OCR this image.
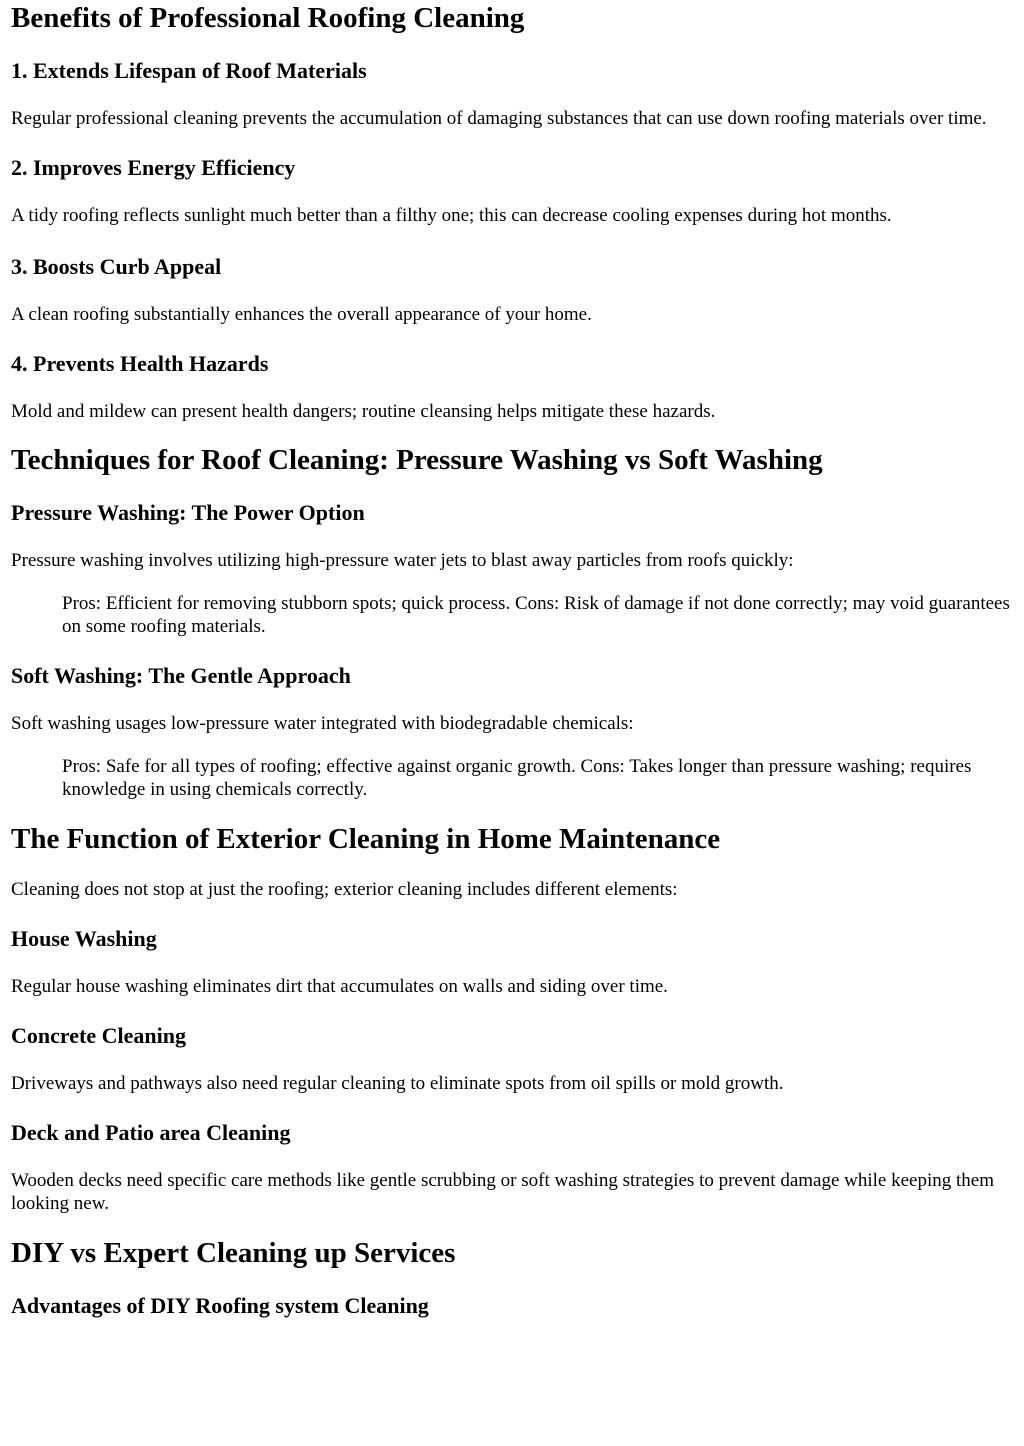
Benefits of Professional Roofing Cleaning
1. Extends Lifespan of Roof Materials

Regular professional cleaning prevents the accumulation of damaging substances that can use down roofing materials over time.

2. Improves Energy Efficiency

A tidy roofing reflects sunlight much better than a filthy one; this can decrease cooling expenses during hot months.

3. Boosts Curb Appeal

A clean roofing substantially enhances the overall appearance of your home.

4. Prevents Health Hazards

Mold and mildew can present health dangers; routine cleansing helps mitigate these hazards.

Techniques for Roof Cleaning: Pressure Washing vs Soft Washing
Pressure Washing: The Power Option

Pressure washing involves utilizing high-pressure water jets to blast away particles from roofs quickly:

Pros: Efficient for removing stubborn spots; quick process. Cons: Risk of damage if not done correctly; may void guarantees on some roofing materials.

Soft Washing: The Gentle Approach

Soft washing usages low-pressure water integrated with biodegradable chemicals:

Pros: Safe for all types of roofing; effective against organic growth. Cons: Takes longer than pressure washing; requires knowledge in using chemicals correctly.

The Function of Exterior Cleaning in Home Maintenance

Cleaning does not stop at just the roofing; exterior cleaning includes different elements:

House Washing

Regular house washing eliminates dirt that accumulates on walls and siding over time.

Concrete Cleaning

Driveways and pathways also need regular cleaning to eliminate spots from oil spills or mold growth.

Deck and Patio area Cleaning

Wooden decks need specific care methods like gentle scrubbing or soft washing strategies to prevent damage while keeping them looking new.

DIY vs Expert Cleaning up Services
Advantages of DIY Roofing system Cleaning
